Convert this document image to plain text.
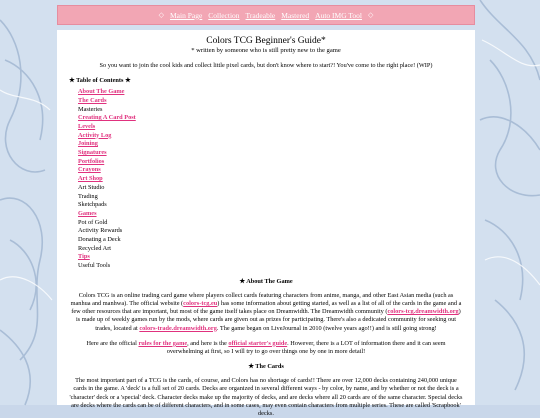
◇ Main Page Collection Tradeable Mastered Auto IMG Tool ◇

Colors TCG Beginner's Guide*

* written by someone who is still pretty new to the game

So you want to join the cool kids and collect little pixel cards, but don't know where to start?! You've come to the right place! (WIP)

★ Table of Contents ★

About The Game
The Cards
Masteries
Creating A Card Post
Levels
Activity Log
Joining
Signatures
Portfolios
Crayons
Art Shop
Art Studio
Trading
Sketchpads
Games
Pot of Gold
Activity Rewards
Donating a Deck
Recycled Art
Tips
Useful Tools

★ About The Game

Colors TCG is an online trading card game where players collect cards featuring characters from anime, manga, and other East Asian media (such as manhua and manhwa). The official website (colors-tcg.eu) has some information about getting started, as well as a list of all of the cards in the game and a few other resources that are important, but most of the game itself takes place on Dreamwidth. The Dreamwidth community (colors-tcg.dreamwidth.org) is made up of weekly games run by the mods, where cards are given out as prizes for participating. There's also a dedicated community for seeking out trades, located at colors-trade.dreamwidth.org. The game began on LiveJournal in 2010 (twelve years ago!!) and is still going strong!

Here are the official rules for the game, and here is the official starter's guide. However, there is a LOT of information there and it can seem overwhelming at first, so I will try to go over things one by one in more detail!

★ The Cards

The most important part of a TCG is the cards, of course, and Colors has no shortage of cards!! There are over 12,000 decks containing 240,000 unique cards in the game. A 'deck' is a full set of 20 cards. Decks are organized in several different ways - by color, by name, and by whether or not the deck is a 'character' deck or a 'special' deck. Character decks make up the majority of decks, and are decks where all 20 cards are of the same character. Special decks are decks where the cards can be of different characters, and in some cases, may even contain characters from multiple series. These are called 'Scrapbook' decks.
